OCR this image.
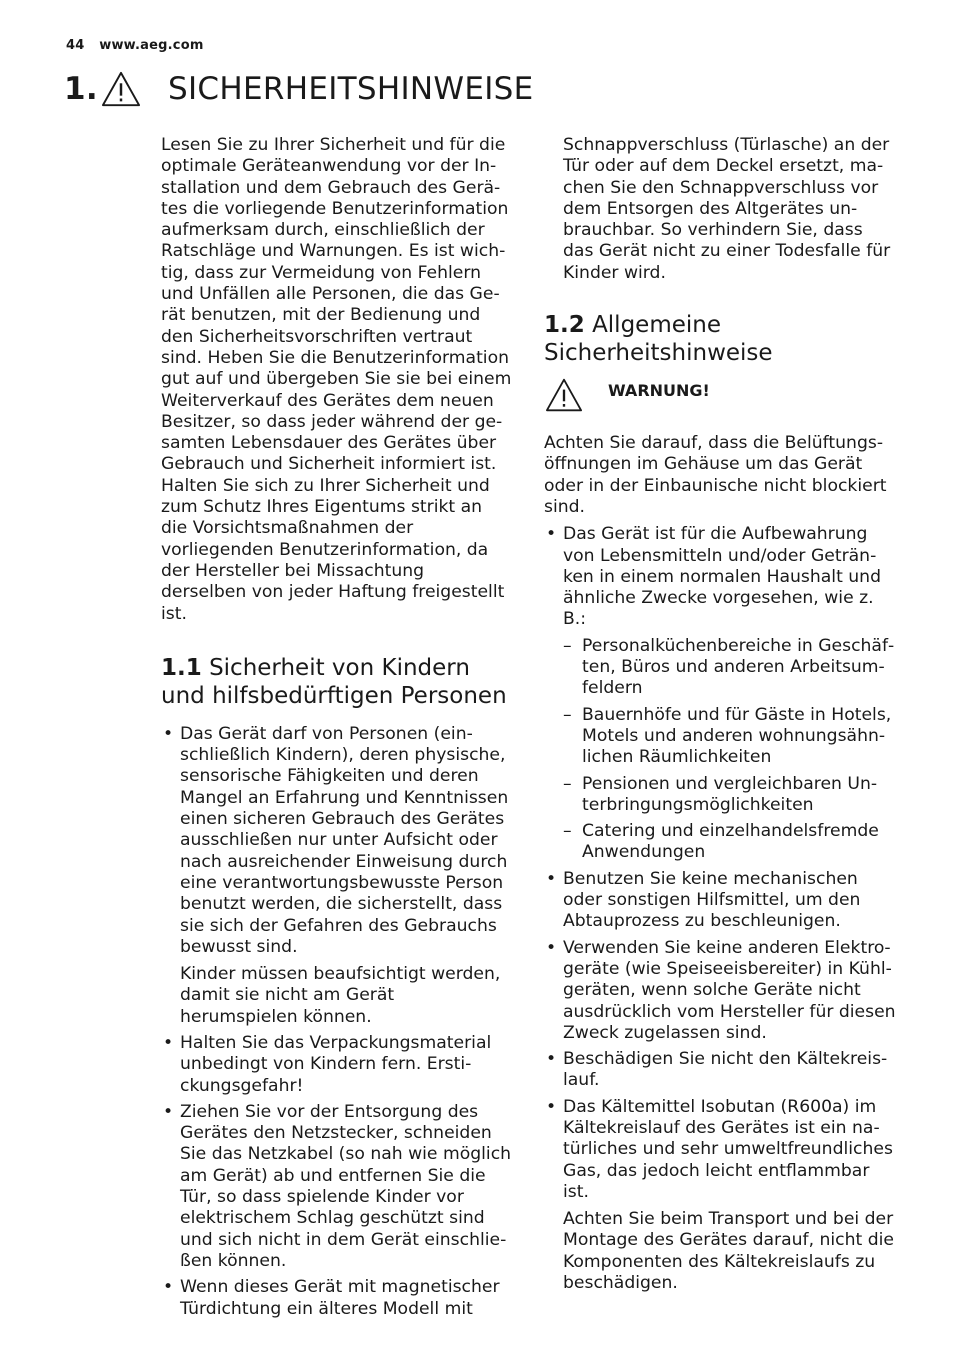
44 www.aeg.com
1. SICHERHEITSHINWEISE

Lesen Sie zu Ihrer Sicherheit und für die optimale Geräteanwendung vor der Installation und dem Gebrauch des Gerätes die vorliegende Benutzerinformation aufmerksam durch, einschließlich der Ratschläge und Warnungen. Es ist wichtig, dass zur Vermeidung von Fehlern und Unfällen alle Personen, die das Gerät benutzen, mit der Bedienung und den Sicherheitsvorschriften vertraut sind. Heben Sie die Benutzerinformation gut auf und übergeben Sie sie bei einem Weiterverkauf des Gerätes dem neuen Besitzer, so dass jeder während der gesamten Lebensdauer des Gerätes über Gebrauch und Sicherheit informiert ist. Halten Sie sich zu Ihrer Sicherheit und zum Schutz Ihres Eigentums strikt an die Vorsichtsmaßnahmen der vorliegenden Benutzerinformation, da der Hersteller bei Missachtung derselben von jeder Haftung freigestellt ist.

1.1 Sicherheit von Kindern und hilfsbedürftigen Personen

• Das Gerät darf von Personen (einschließlich Kindern), deren physische, sensorische Fähigkeiten und deren Mangel an Erfahrung und Kenntnissen einen sicheren Gebrauch des Gerätes ausschließen nur unter Aufsicht oder nach ausreichender Einweisung durch eine verantwortungsbewusste Person benutzt werden, die sicherstellt, dass sie sich der Gefahren des Gebrauchs bewusst sind.

Kinder müssen beaufsichtigt werden, damit sie nicht am Gerät herumspielen können.

• Halten Sie das Verpackungsmaterial unbedingt von Kindern fern. Erstickungsgefahr!

• Ziehen Sie vor der Entsorgung des Gerätes den Netzstecker, schneiden Sie das Netzkabel (so nah wie möglich am Gerät) ab und entfernen Sie die Tür, so dass spielende Kinder vor elektrischem Schlag geschützt sind und sich nicht in dem Gerät einschließen können.

• Wenn dieses Gerät mit magnetischer Türdichtung ein älteres Modell mit

Schnappverschluss (Türlasche) an der Tür oder auf dem Deckel ersetzt, machen Sie den Schnappverschluss vor dem Entsorgen des Altgerätes unbrauchbar. So verhindern Sie, dass das Gerät nicht zu einer Todesfalle für Kinder wird.

1.2 Allgemeine Sicherheitshinweise
WARNUNG!

Achten Sie darauf, dass die Belüftungsöffnungen im Gehäuse um das Gerät oder in der Einbaunische nicht blockiert sind.

• Das Gerät ist für die Aufbewahrung von Lebensmitteln und/oder Getränken in einem normalen Haushalt und ähnliche Zwecke vorgesehen, wie z. B.:

– Personalküchenbereiche in Geschäften, Büros und anderen Arbeitsumfeldern
– Bauernhöfe und für Gäste in Hotels, Motels und anderen wohnungsähnlichen Räumlichkeiten
– Pensionen und vergleichbaren Unterbringungsmöglichkeiten
– Catering und einzelhandelsfremde Anwendungen

• Benutzen Sie keine mechanischen oder sonstigen Hilfsmittel, um den Abtauprozess zu beschleunigen.

• Verwenden Sie keine anderen Elektrogeräte (wie Speiseeisbereiter) in Kühlgeräten, wenn solche Geräte nicht ausdrücklich vom Hersteller für diesen Zweck zugelassen sind.

• Beschädigen Sie nicht den Kältekreislauf.

• Das Kältemittel Isobutan (R600a) im Kältekreislauf des Gerätes ist ein natürliches und sehr umweltfreundliches Gas, das jedoch leicht entflammbar ist.

Achten Sie beim Transport und bei der Montage des Gerätes darauf, nicht die Komponenten des Kältekreislaufs zu beschädigen.
